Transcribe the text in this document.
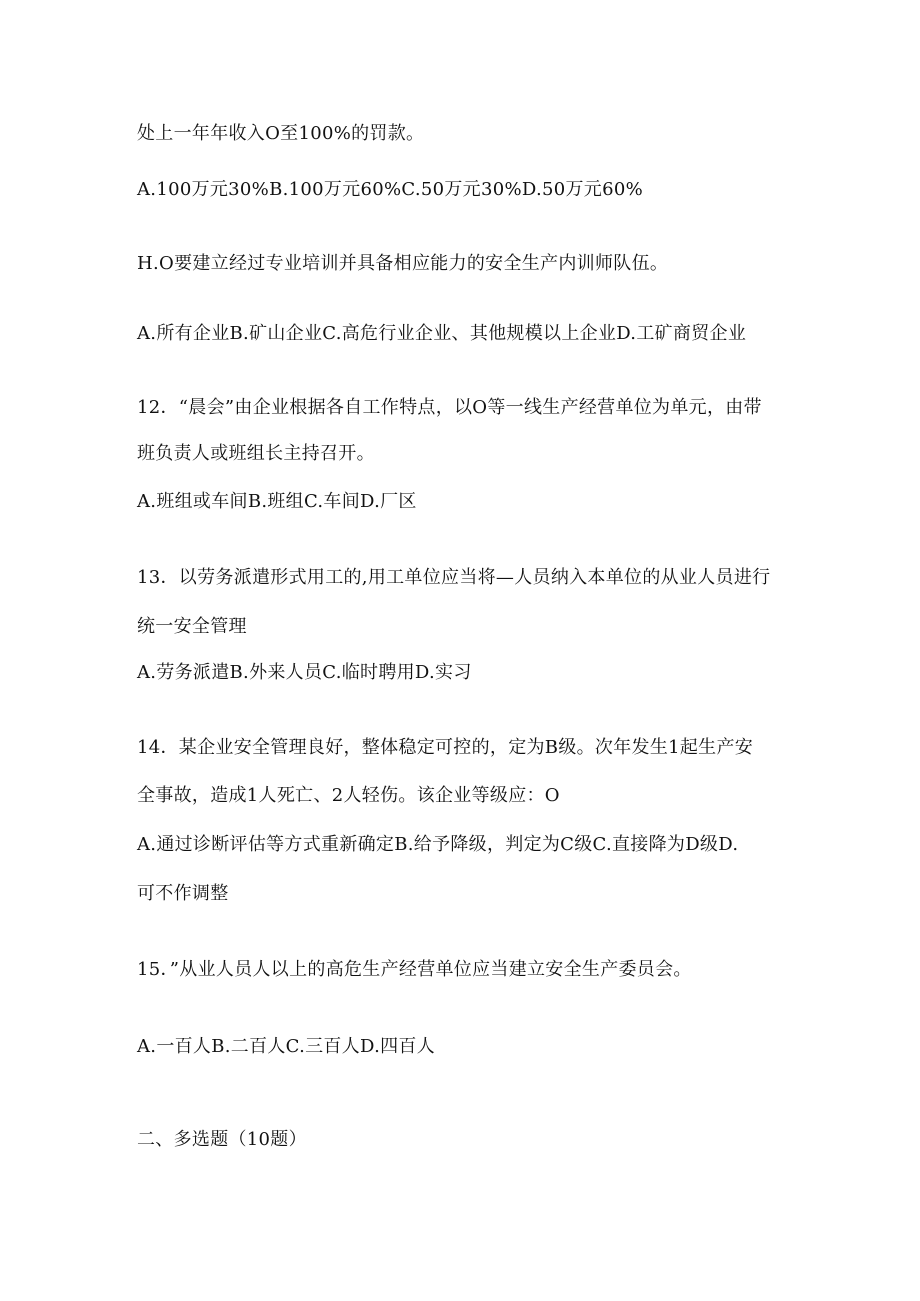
处上一年年收入O至100%的罚款。

A.100万元30%B.100万元60%C.50万元30%D.50万元60%

H.O要建立经过专业培训并具备相应能力的安全生产内训师队伍。

A.所有企业B.矿山企业C.高危行业企业、其他规模以上企业D.工矿商贸企业

12．“晨会”由企业根据各自工作特点，以O等一线生产经营单位为单元，由带

班负责人或班组长主持召开。

A.班组或车间B.班组C.车间D.厂区

13．以劳务派遣形式用工的,用工单位应当将—人员纳入本单位的从业人员进行

统一安全管理

A.劳务派遣B.外来人员C.临时聘用D.实习

14．某企业安全管理良好，整体稳定可控的，定为B级。次年发生1起生产安

全事故，造成1人死亡、2人轻伤。该企业等级应：O

A.通过诊断评估等方式重新确定B.给予降级，判定为C级C.直接降为D级D.

可不作调整

15．”从业人员人以上的高危生产经营单位应当建立安全生产委员会。

A.一百人B.二百人C.三百人D.四百人

二、多选题（10题）
